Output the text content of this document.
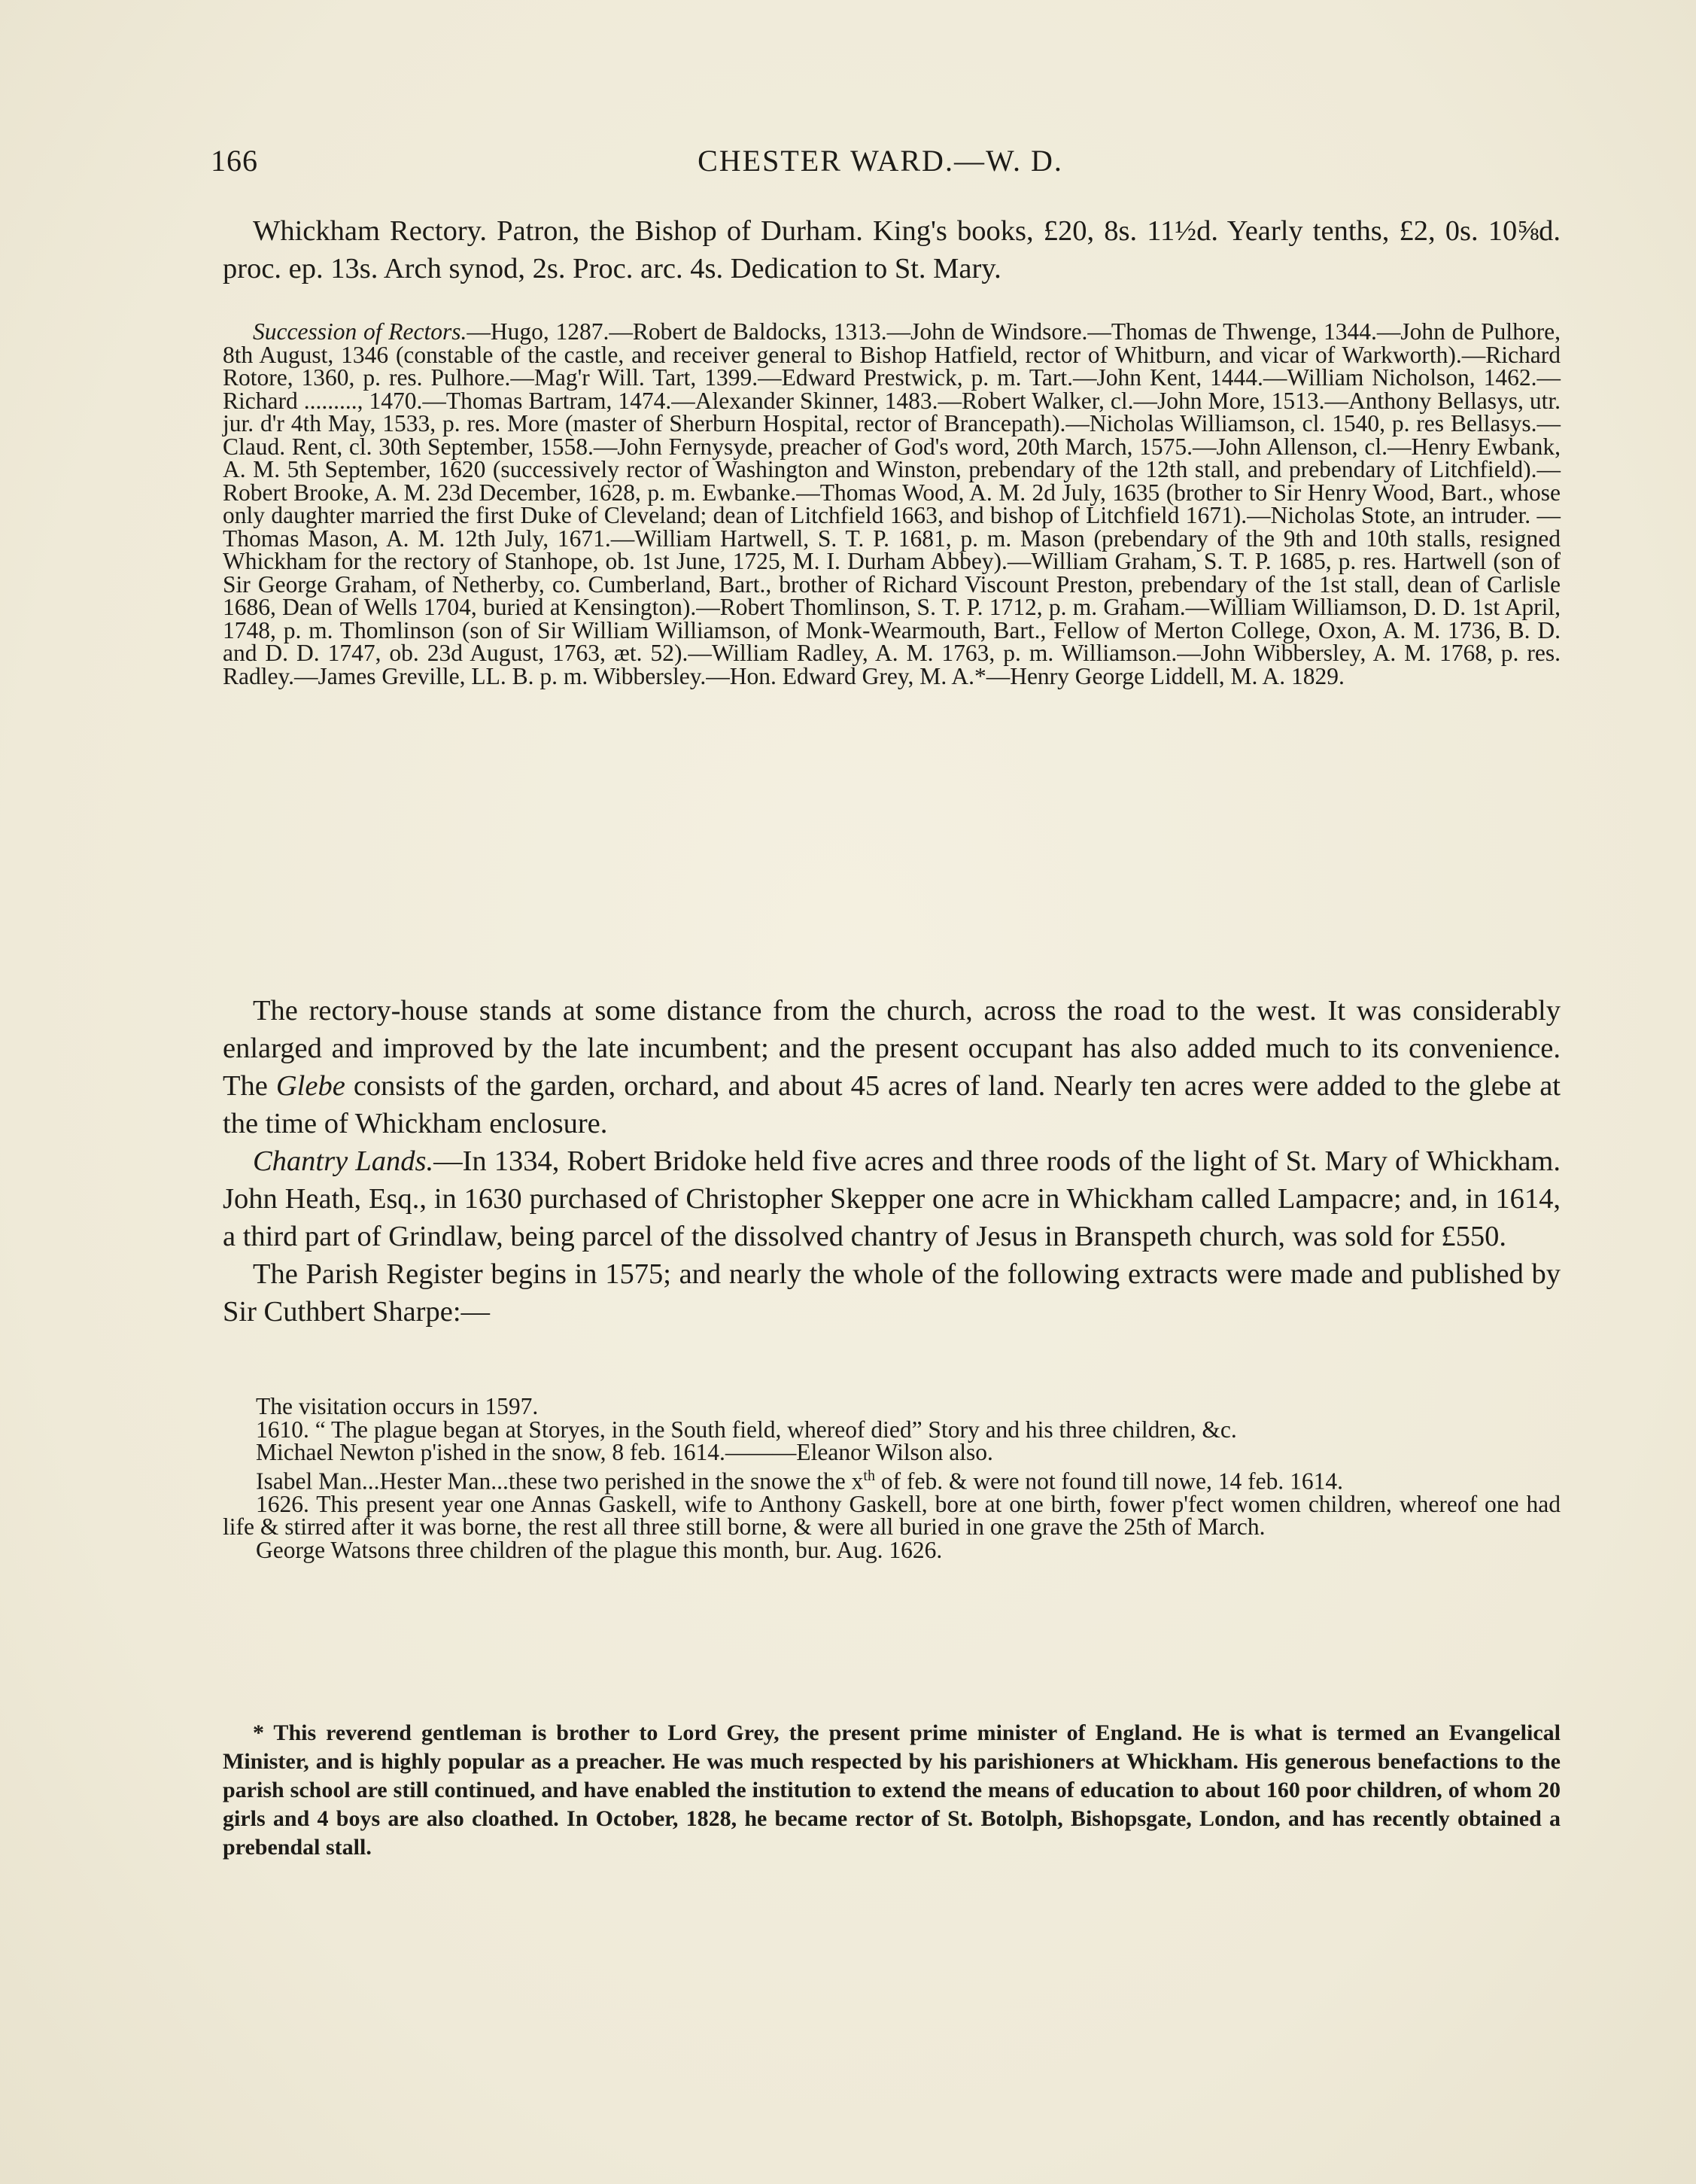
166	CHESTER WARD.—W. D.

Whickham Rectory. Patron, the Bishop of Durham. King's books, £20, 8s. 11½d. Yearly tenths, £2, 0s. 10⅝d. proc. ep. 13s. Arch synod, 2s. Proc. arc. 4s. Dedication to St. Mary.

Succession of Rectors.—Hugo, 1287.—Robert de Baldocks, 1313.—John de Windsore.—Thomas de Thwenge, 1344.—John de Pulhore, 8th August, 1346 (constable of the castle, and receiver general to Bishop Hatfield, rector of Whitburn, and vicar of Warkworth).—Richard Rotore, 1360, p. res. Pulhore.—Mag'r Will. Tart, 1399.—Edward Prestwick, p. m. Tart.—John Kent, 1444.—William Nicholson, 1462.—Richard ........., 1470.—Thomas Bartram, 1474.—Alexander Skinner, 1483.—Robert Walker, cl.—John More, 1513.—Anthony Bellasys, utr. jur. d'r 4th May, 1533, p. res. More (master of Sherburn Hospital, rector of Brancepath).—Nicholas Williamson, cl. 1540, p. res Bellasys.—Claud. Rent, cl. 30th September, 1558.—John Fernysyde, preacher of God's word, 20th March, 1575.—John Allenson, cl.—Henry Ewbank, A. M. 5th September, 1620 (successively rector of Washington and Winston, prebendary of the 12th stall, and prebendary of Litchfield).—Robert Brooke, A. M. 23d December, 1628, p. m. Ewbanke.—Thomas Wood, A. M. 2d July, 1635 (brother to Sir Henry Wood, Bart., whose only daughter married the first Duke of Cleveland; dean of Litchfield 1663, and bishop of Litchfield 1671).—Nicholas Stote, an intruder. —Thomas Mason, A. M. 12th July, 1671.—William Hartwell, S. T. P. 1681, p. m. Mason (prebendary of the 9th and 10th stalls, resigned Whickham for the rectory of Stanhope, ob. 1st June, 1725, M. I. Durham Abbey).—William Graham, S. T. P. 1685, p. res. Hartwell (son of Sir George Graham, of Netherby, co. Cumberland, Bart., brother of Richard Viscount Preston, prebendary of the 1st stall, dean of Carlisle 1686, Dean of Wells 1704, buried at Kensington).—Robert Thomlinson, S. T. P. 1712, p. m. Graham.—William Williamson, D. D. 1st April, 1748, p. m. Thomlinson (son of Sir William Williamson, of Monk-Wearmouth, Bart., Fellow of Merton College, Oxon, A. M. 1736, B. D. and D. D. 1747, ob. 23d August, 1763, æt. 52).—William Radley, A. M. 1763, p. m. Williamson.—John Wibbersley, A. M. 1768, p. res. Radley.—James Greville, LL. B. p. m. Wibbersley.—Hon. Edward Grey, M. A.*—Henry George Liddell, M. A. 1829.

The rectory-house stands at some distance from the church, across the road to the west. It was considerably enlarged and improved by the late incumbent; and the present occupant has also added much to its convenience. The Glebe consists of the garden, orchard, and about 45 acres of land. Nearly ten acres were added to the glebe at the time of Whickham enclosure.

Chantry Lands.—In 1334, Robert Bridoke held five acres and three roods of the light of St. Mary of Whickham. John Heath, Esq., in 1630 purchased of Christopher Skepper one acre in Whickham called Lampacre; and, in 1614, a third part of Grindlaw, being parcel of the dissolved chantry of Jesus in Branspeth church, was sold for £550.

The Parish Register begins in 1575; and nearly the whole of the following extracts were made and published by Sir Cuthbert Sharpe:—

The visitation occurs in 1597.

1610. “ The plague began at Storyes, in the South field, whereof died” Story and his three children, &c.

Michael Newton p'ished in the snow, 8 feb. 1614.———Eleanor Wilson also.

Isabel Man...Hester Man...these two perished in the snowe the $x^{th}$ of feb. & were not found till nowe, 14 feb. 1614.

1626. This present year one Annas Gaskell, wife to Anthony Gaskell, bore at one birth, fower p'fect women children, whereof one had life & stirred after it was borne, the rest all three still borne, & were all buried in one grave the 25th of March.

George Watsons three children of the plague this month, bur. Aug. 1626.

* This reverend gentleman is brother to Lord Grey, the present prime minister of England. He is what is termed an Evangelical Minister, and is highly popular as a preacher. He was much respected by his parishioners at Whickham. His generous benefactions to the parish school are still continued, and have enabled the institution to extend the means of education to about 160 poor children, of whom 20 girls and 4 boys are also cloathed. In October, 1828, he became rector of St. Botolph, Bishopsgate, London, and has recently obtained a prebendal stall.
